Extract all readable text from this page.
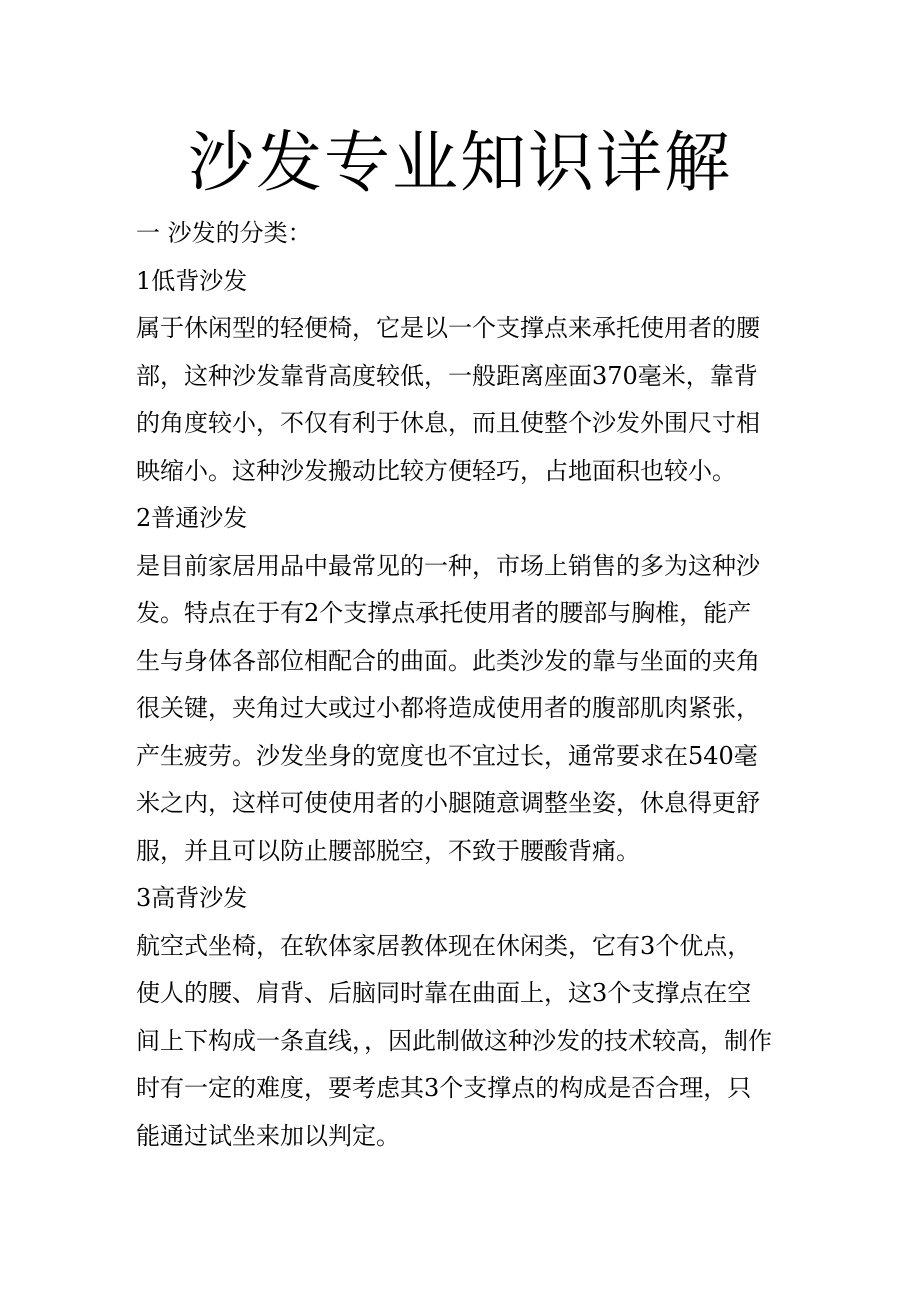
沙发专业知识详解

一 沙发的分类：

1低背沙发

属于休闲型的轻便椅，它是以一个支撑点来承托使用者的腰

部，这种沙发靠背高度较低，一般距离座面370毫米，靠背

的角度较小，不仅有利于休息，而且使整个沙发外围尺寸相

映缩小。这种沙发搬动比较方便轻巧，占地面积也较小。

2普通沙发

是目前家居用品中最常见的一种，市场上销售的多为这种沙

发。特点在于有2个支撑点承托使用者的腰部与胸椎，能产

生与身体各部位相配合的曲面。此类沙发的靠与坐面的夹角

很关键，夹角过大或过小都将造成使用者的腹部肌肉紧张，

产生疲劳。沙发坐身的宽度也不宜过长，通常要求在540毫

米之内，这样可使使用者的小腿随意调整坐姿，休息得更舒

服，并且可以防止腰部脱空，不致于腰酸背痛。

3高背沙发

航空式坐椅，在软体家居教体现在休闲类，它有3个优点，

使人的腰、肩背、后脑同时靠在曲面上，这3个支撑点在空

间上下构成一条直线，，因此制做这种沙发的技术较高，制作

时有一定的难度，要考虑其3个支撑点的构成是否合理，只

能通过试坐来加以判定。
